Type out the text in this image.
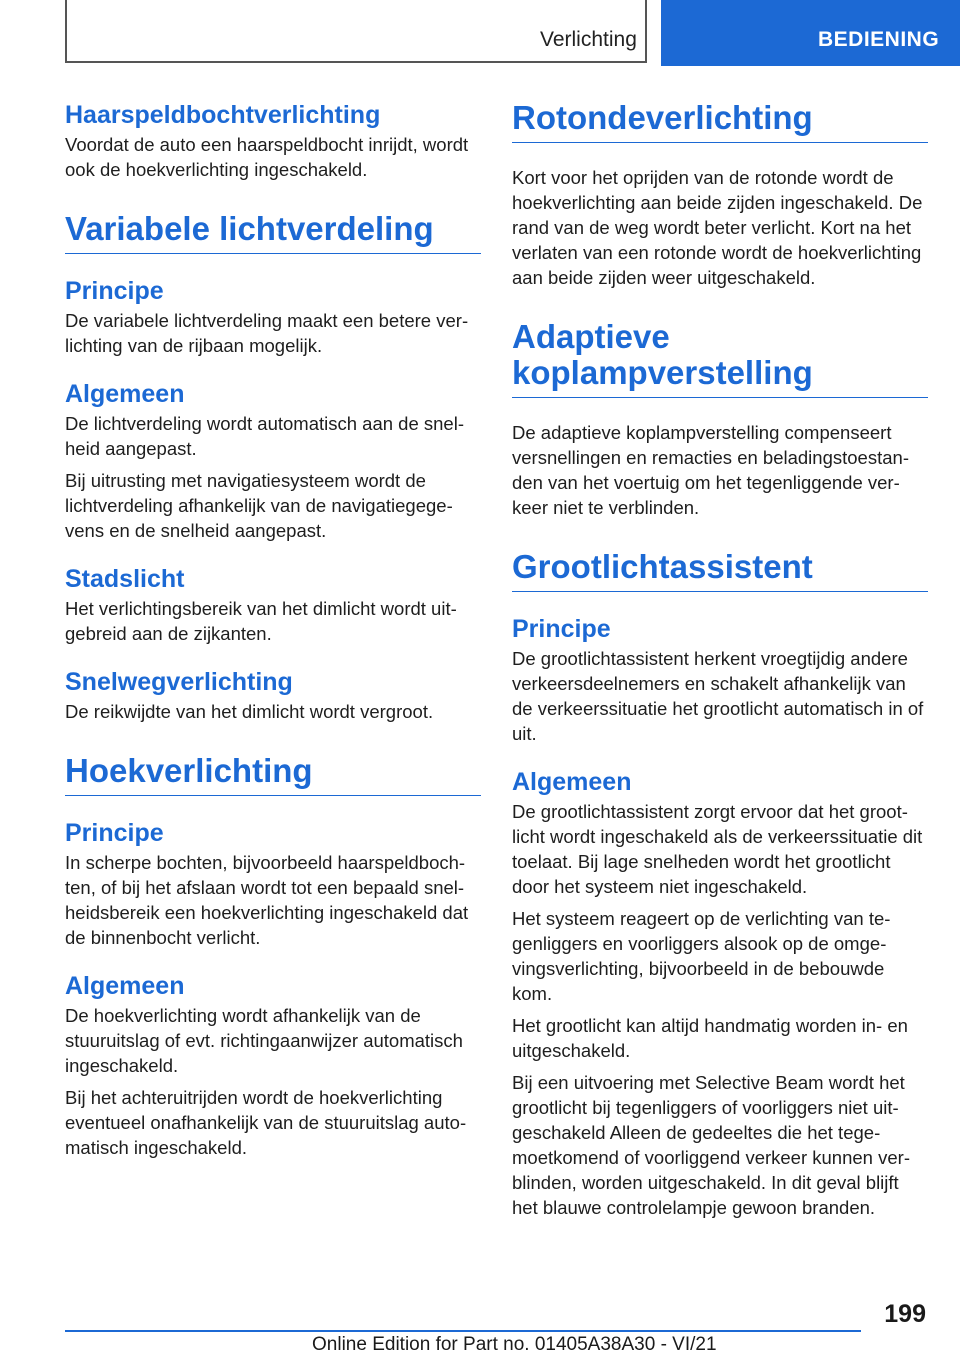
Verlichting	BEDIENING
Haarspeldbochtverlichting
Voordat de auto een haarspeldbocht inrijdt, wordt ook de hoekverlichting ingeschakeld.
Variabele lichtverdeling
Principe
De variabele lichtverdeling maakt een betere verlichting van de rijbaan mogelijk.
Algemeen
De lichtverdeling wordt automatisch aan de snelheid aangepast.
Bij uitrusting met navigatiesysteem wordt de lichtverdeling afhankelijk van de navigatiegegevens en de snelheid aangepast.
Stadslicht
Het verlichtingsbereik van het dimlicht wordt uitgebreid aan de zijkanten.
Snelwegverlichting
De reikwijdte van het dimlicht wordt vergroot.
Hoekverlichting
Principe
In scherpe bochten, bijvoorbeeld haarspeldbochten, of bij het afslaan wordt tot een bepaald snelheidsbereik een hoekverlichting ingeschakeld dat de binnenbocht verlicht.
Algemeen
De hoekverlichting wordt afhankelijk van de stuuruitslag of evt. richtingaanwijzer automatisch ingeschakeld.
Bij het achteruitrijden wordt de hoekverlichting eventueel onafhankelijk van de stuuruitslag automatisch ingeschakeld.
Rotondeverlichting
Kort voor het oprijden van de rotonde wordt de hoekverlichting aan beide zijden ingeschakeld. De rand van de weg wordt beter verlicht. Kort na het verlaten van een rotonde wordt de hoekverlichting aan beide zijden weer uitgeschakeld.
Adaptieve koplampverstelling
De adaptieve koplampverstelling compenseert versnellingen en remacties en beladingstoestanden van het voertuig om het tegenliggende verkeer niet te verblinden.
Grootlichtassistent
Principe
De grootlichtassistent herkent vroegtijdig andere verkeersdeelnemers en schakelt afhankelijk van de verkeerssituatie het grootlicht automatisch in of uit.
Algemeen
De grootlichtassistent zorgt ervoor dat het grootlicht wordt ingeschakeld als de verkeerssituatie dit toelaat. Bij lage snelheden wordt het grootlicht door het systeem niet ingeschakeld.
Het systeem reageert op de verlichting van tegenliggers en voorliggers alsook op de omgevingsverlichting, bijvoorbeeld in de bebouwde kom.
Het grootlicht kan altijd handmatig worden in- en uitgeschakeld.
Bij een uitvoering met Selective Beam wordt het grootlicht bij tegenliggers of voorliggers niet uitgeschakeld Alleen de gedeeltes die het tegemoetkomend of voorliggend verkeer kunnen verblinden, worden uitgeschakeld. In dit geval blijft het blauwe controlelampje gewoon branden.
199
Online Edition for Part no. 01405A38A30 - VI/21
